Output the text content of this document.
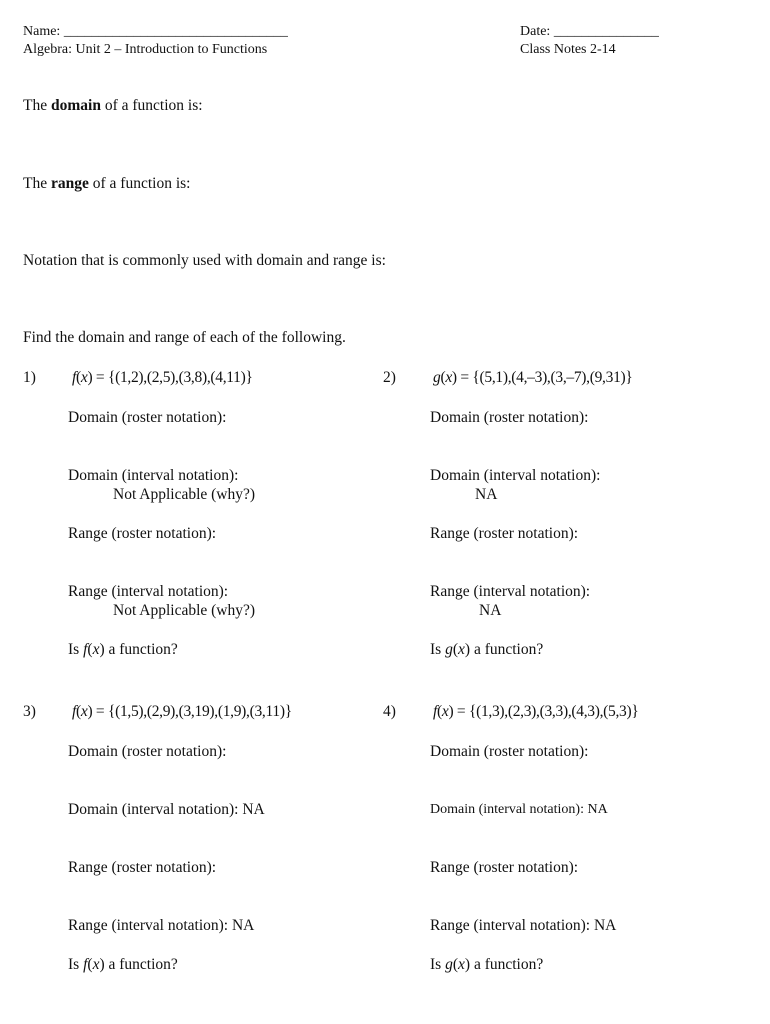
Name: ________________________________
Algebra: Unit 2 – Introduction to Functions
Date: _______________
Class Notes 2-14
The domain of a function is:
The range of a function is:
Notation that is commonly used with domain and range is:
Find the domain and range of each of the following.
1) f(x) = {(1,2),(2,5),(3,8),(4,11)}
Domain (roster notation):
Domain (interval notation):
Not Applicable (why?)
Range (roster notation):
Range (interval notation):
Not Applicable (why?)
Is f(x) a function?
2) g(x) = {(5,1),(4,–3),(3,–7),(9,31)}
Domain (roster notation):
Domain (interval notation):
NA
Range (roster notation):
Range (interval notation):
NA
Is g(x) a function?
3) f(x) = {(1,5),(2,9),(3,19),(1,9),(3,11)}
Domain (roster notation):
Domain (interval notation): NA
Range (roster notation):
Range (interval notation): NA
Is f(x) a function?
4) f(x) = {(1,3),(2,3),(3,3),(4,3),(5,3)}
Domain (roster notation):
Domain (interval notation): NA
Range (roster notation):
Range (interval notation): NA
Is g(x) a function?
